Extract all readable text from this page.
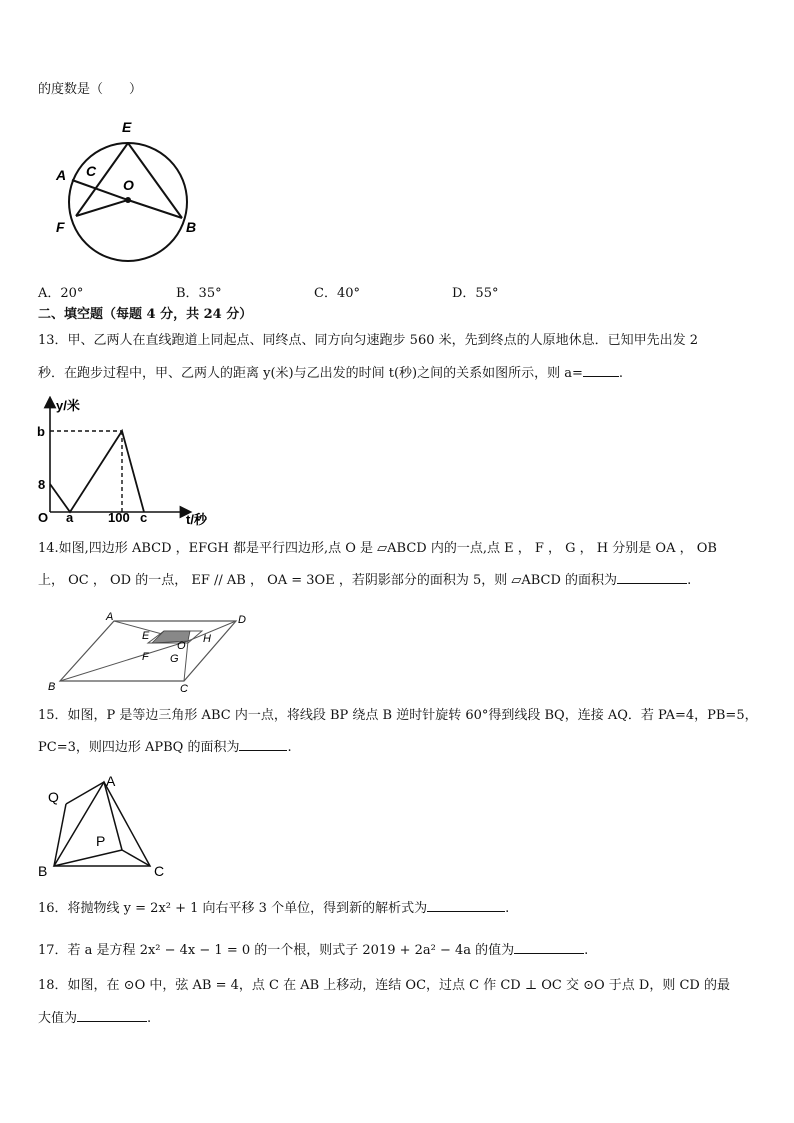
的度数是（　　）
E
A C
O
F	B
A．20°	B．35°	C．40°	D．55°
二、填空题（每题 4 分，共 24 分）
13．甲、乙两人在直线跑道上同起点、同终点、同方向匀速跑步 560 米，先到终点的人原地休息．已知甲先出发 2
秒．在跑步过程中，甲、乙两人的距离 y(米)与乙出发的时间 t(秒)之间的关系如图所示，则 a=	.
y/米
t/秒
b
8
O a	100 c
14.如图,四边形 ABCD ，EFGH 都是平行四边形,点 O 是 ▱ABCD 内的一点,点 E ， F ， G ， H 分别是 OA ， OB
上， OC ， OD 的一点， EF // AB ， OA = 3OE ，若阴影部分的面积为 5，则 ▱ABCD 的面积为	.
A	D
E
O
H
F G
B	C
15．如图，P 是等边三角形 ABC 内一点，将线段 BP 绕点 B 逆时针旋转 60°得到线段 BQ，连接 AQ．若 PA=4，PB=5，
PC=3，则四边形 APBQ 的面积为	.
Q
A
P
B	C
16．将抛物线 y = 2x² + 1 向右平移 3 个单位，得到新的解析式为	.
17．若 a 是方程 2x² − 4x − 1 = 0 的一个根，则式子 2019 + 2a² − 4a 的值为	.
18．如图，在 ⊙O 中，弦 AB = 4，点 C 在 AB 上移动，连结 OC，过点 C 作 CD ⊥ OC 交 ⊙O 于点 D，则 CD 的最
大值为	.
